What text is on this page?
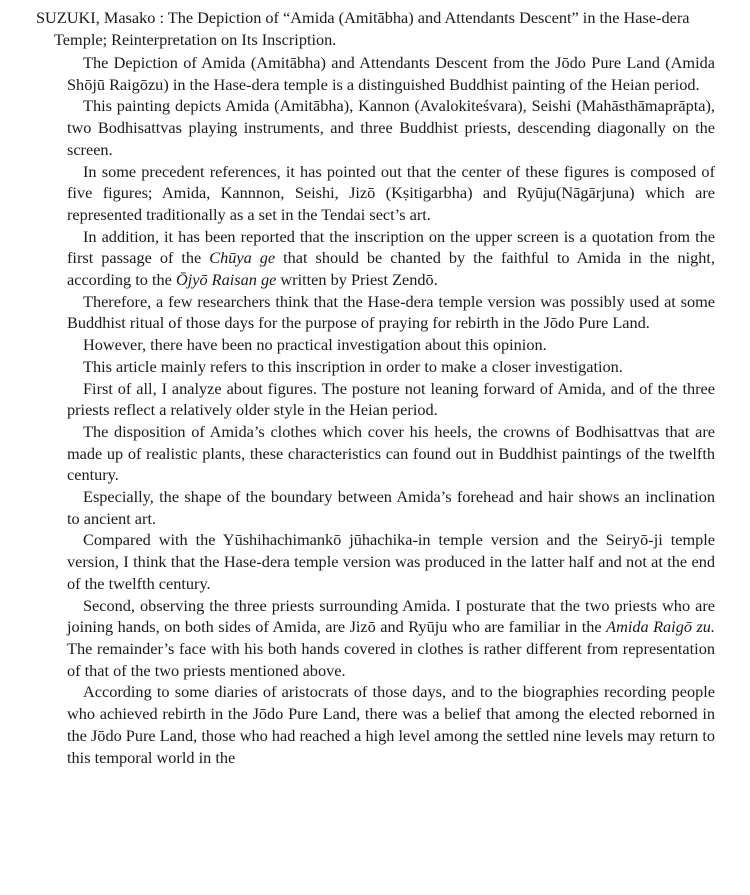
SUZUKI, Masako : The Depiction of “Amida (Amitābha) and Attendants Descent” in the Hase-dera Temple; Reinterpretation on Its Inscription.

The Depiction of Amida (Amitābha) and Attendants Descent from the Jōdo Pure Land (Amida Shōjū Raigōzu) in the Hase-dera temple is a distinguished Buddhist painting of the Heian period.

This painting depicts Amida (Amitābha), Kannon (Avalokiteśvara), Seishi (Mahāsthāmaprāpta), two Bodhisattvas playing instruments, and three Buddhist priests, descending diagonally on the screen.

In some precedent references, it has pointed out that the center of these figures is composed of five figures; Amida, Kannnon, Seishi, Jizō (Kṣitigarbha) and Ryūju(Nāgārjuna) which are represented traditionally as a set in the Tendai sect’s art.

In addition, it has been reported that the inscription on the upper screen is a quotation from the first passage of the Chūya ge that should be chanted by the faithful to Amida in the night, according to the Ōjyō Raisan ge written by Priest Zendō.

Therefore, a few researchers think that the Hase-dera temple version was possibly used at some Buddhist ritual of those days for the purpose of praying for rebirth in the Jōdo Pure Land.

However, there have been no practical investigation about this opinion.

This article mainly refers to this inscription in order to make a closer investigation.

First of all, I analyze about figures. The posture not leaning forward of Amida, and of the three priests reflect a relatively older style in the Heian period.

The disposition of Amida’s clothes which cover his heels, the crowns of Bodhisattvas that are made up of realistic plants, these characteristics can found out in Buddhist paintings of the twelfth century.

Especially, the shape of the boundary between Amida’s forehead and hair shows an inclination to ancient art.

Compared with the Yūshihachimankō jūhachika-in temple version and the Seiryō-ji temple version, I think that the Hase-dera temple version was produced in the latter half and not at the end of the twelfth century.

Second, observing the three priests surrounding Amida. I posturate that the two priests who are joining hands, on both sides of Amida, are Jizō and Ryūju who are familiar in the Amida Raigō zu. The remainder’s face with his both hands covered in clothes is rather different from representation of that of the two priests mentioned above.

According to some diaries of aristocrats of those days, and to the biographies recording people who achieved rebirth in the Jōdo Pure Land, there was a belief that among the elected reborned in the Jōdo Pure Land, those who had reached a high level among the settled nine levels may return to this temporal world in the
